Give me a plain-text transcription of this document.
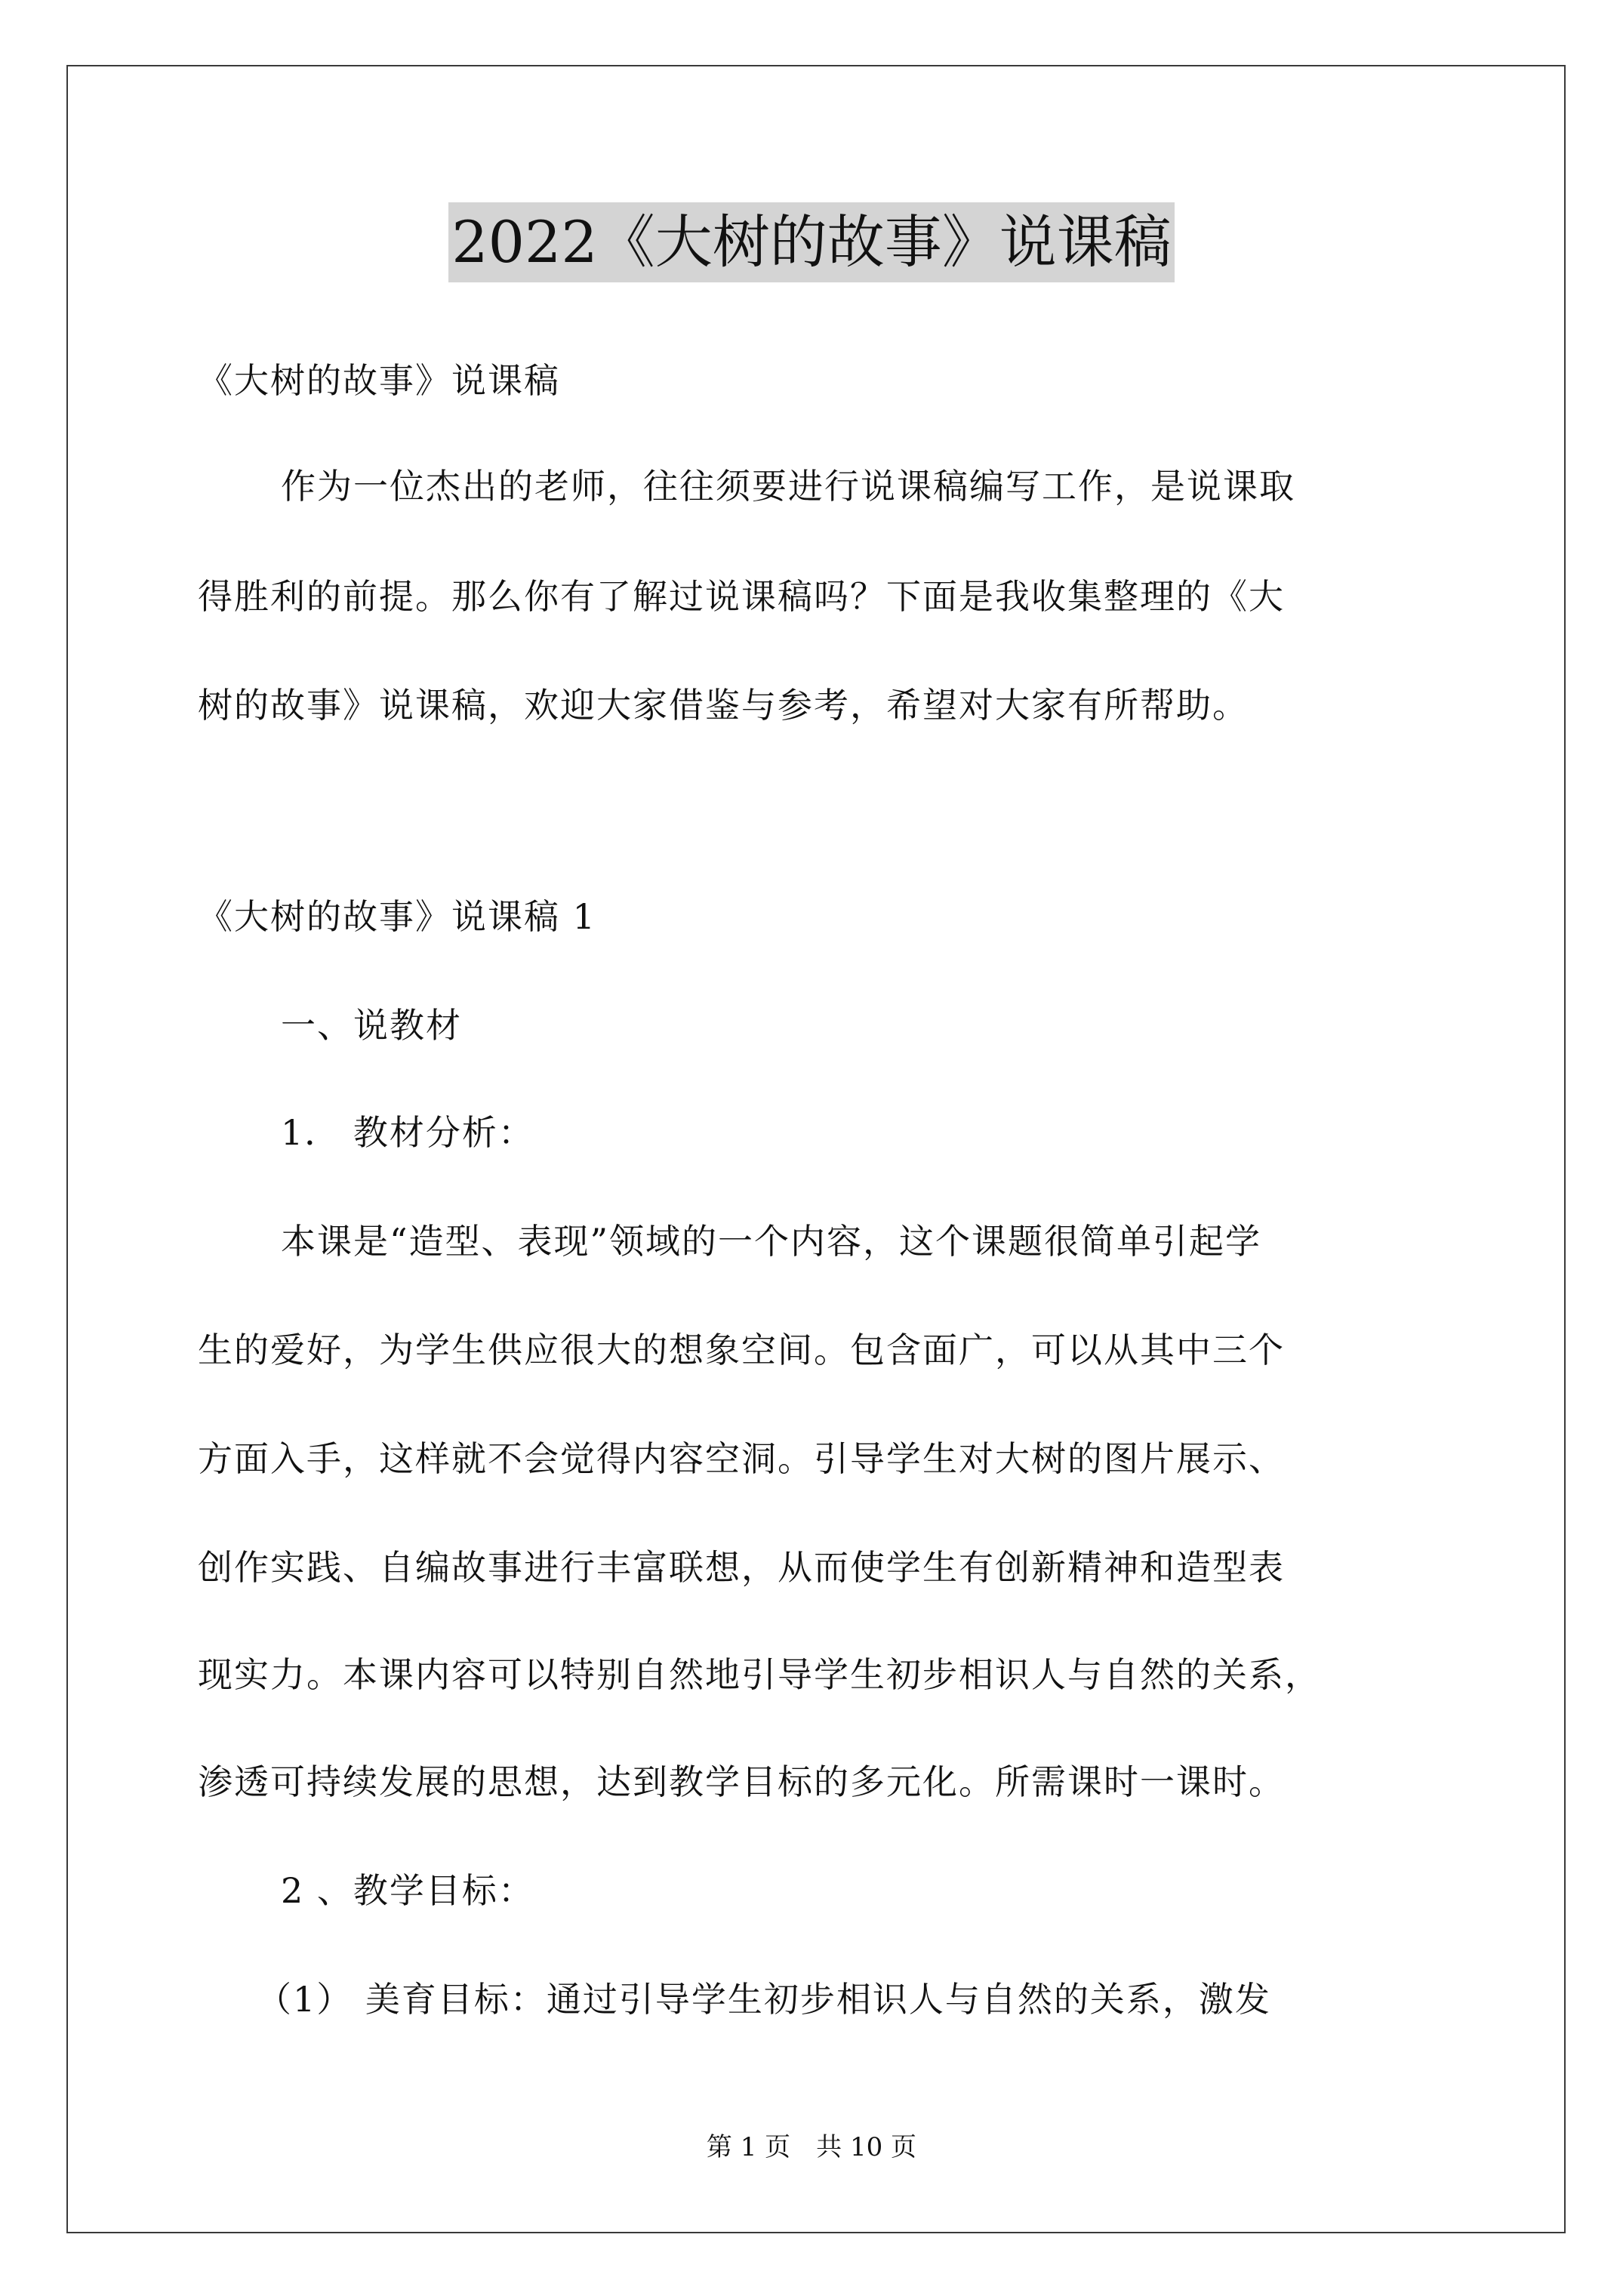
2022《大树的故事》说课稿
《大树的故事》说课稿
作为一位杰出的老师，往往须要进行说课稿编写工作，是说课取
得胜利的前提。那么你有了解过说课稿吗？下面是我收集整理的《大
树的故事》说课稿，欢迎大家借鉴与参考，希望对大家有所帮助。
《大树的故事》说课稿 1
一、说教材
1． 教材分析：
本课是“造型、表现”领域的一个内容，这个课题很简单引起学
生的爱好，为学生供应很大的想象空间。包含面广，可以从其中三个
方面入手，这样就不会觉得内容空洞。引导学生对大树的图片展示、
创作实践、自编故事进行丰富联想，从而使学生有创新精神和造型表
现实力。本课内容可以特别自然地引导学生初步相识人与自然的关系，
渗透可持续发展的思想，达到教学目标的多元化。所需课时一课时。
2 、教学目标：
（1） 美育目标：通过引导学生初步相识人与自然的关系，激发
第 1 页　共 10 页
